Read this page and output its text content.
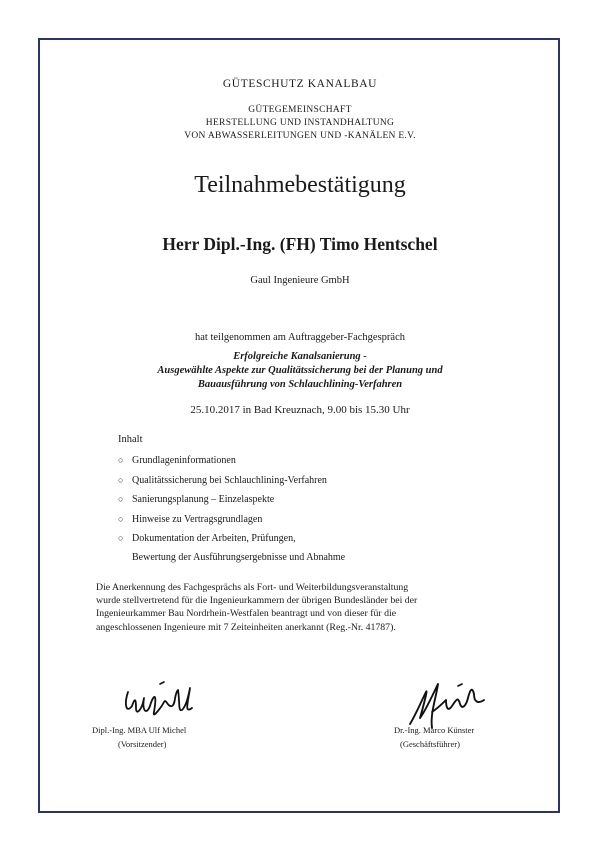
GÜTESCHUTZ KANALBAU
GÜTEGEMEINSCHAFT
HERSTELLUNG UND INSTANDHALTUNG
VON ABWASSERLEITUNGEN UND -KANÄLEN E.V.
Teilnahmebestätigung
Herr Dipl.-Ing. (FH) Timo Hentschel
Gaul Ingenieure GmbH
hat teilgenommen am Auftraggeber-Fachgespräch
Erfolgreiche Kanalsanierung -
Ausgewählte Aspekte zur Qualitätssicherung bei der Planung und
Bauausführung von Schlauchlining-Verfahren
25.10.2017 in Bad Kreuznach, 9.00 bis 15.30 Uhr
Inhalt
○ Grundlageninformationen
○ Qualitätssicherung bei Schlauchlining-Verfahren
○ Sanierungsplanung – Einzelaspekte
○ Hinweise zu Vertragsgrundlagen
○ Dokumentation der Arbeiten, Prüfungen,
Bewertung der Ausführungsergebnisse und Abnahme
Die Anerkennung des Fachgesprächs als Fort- und Weiterbildungsveranstaltung
wurde stellvertretend für die Ingenieurkammern der übrigen Bundesländer bei der
Ingenieurkammer Bau Nordrhein-Westfalen beantragt und von dieser für die
angeschlossenen Ingenieure mit 7 Zeiteinheiten anerkannt (Reg.-Nr. 41787).
Dipl.-Ing. MBA Ulf Michel
(Vorsitzender)
Dr.-Ing. Marco Künster
(Geschäftsführer)
